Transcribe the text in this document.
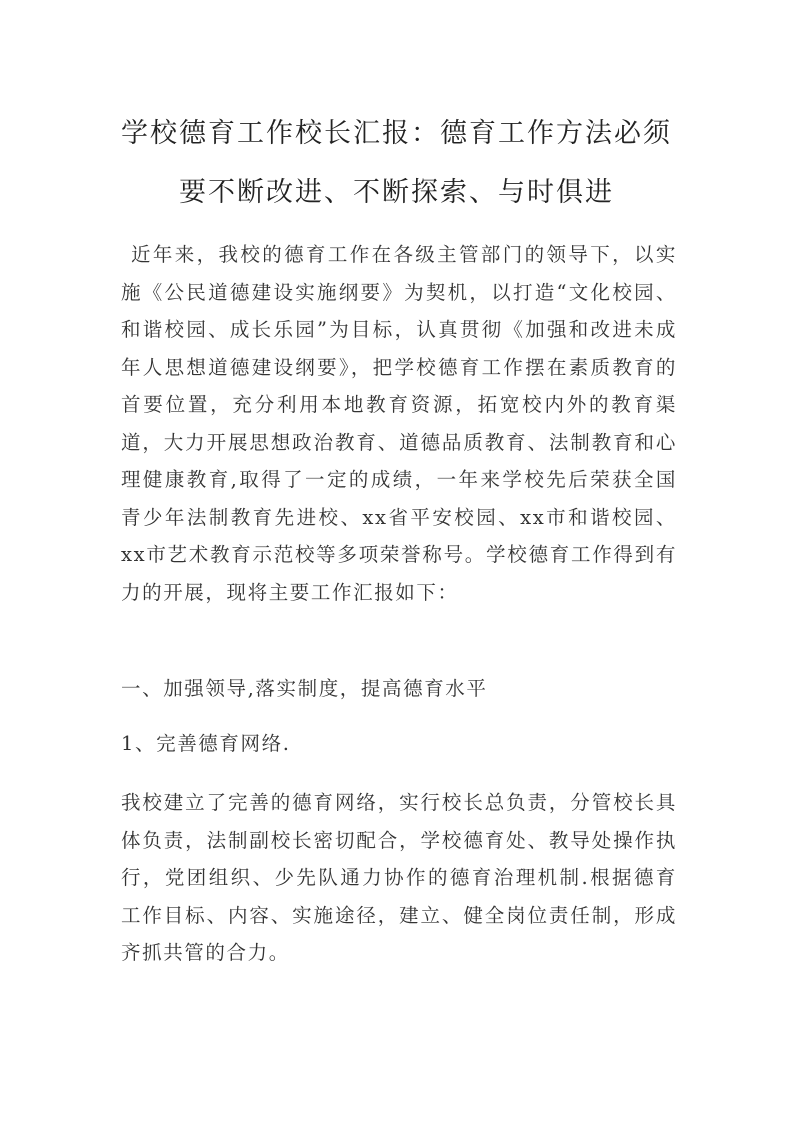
学校德育工作校长汇报：德育工作方法必须
要不断改进、不断探索、与时俱进

近年来，我校的德育工作在各级主管部门的领导下，以实施《公民道德建设实施纲要》为契机，以打造“文化校园、和谐校园、成长乐园”为目标，认真贯彻《加强和改进未成年人思想道德建设纲要》，把学校德育工作摆在素质教育的首要位置，充分利用本地教育资源，拓宽校内外的教育渠道，大力开展思想政治教育、道德品质教育、法制教育和心理健康教育,取得了一定的成绩，一年来学校先后荣获全国青少年法制教育先进校、xx省平安校园、xx市和谐校园、xx市艺术教育示范校等多项荣誉称号。学校德育工作得到有力的开展，现将主要工作汇报如下：

一、加强领导,落实制度，提高德育水平

1、完善德育网络.

我校建立了完善的德育网络，实行校长总负责，分管校长具体负责，法制副校长密切配合，学校德育处、教导处操作执行，党团组织、少先队通力协作的德育治理机制.根据德育工作目标、内容、实施途径，建立、健全岗位责任制，形成齐抓共管的合力。
